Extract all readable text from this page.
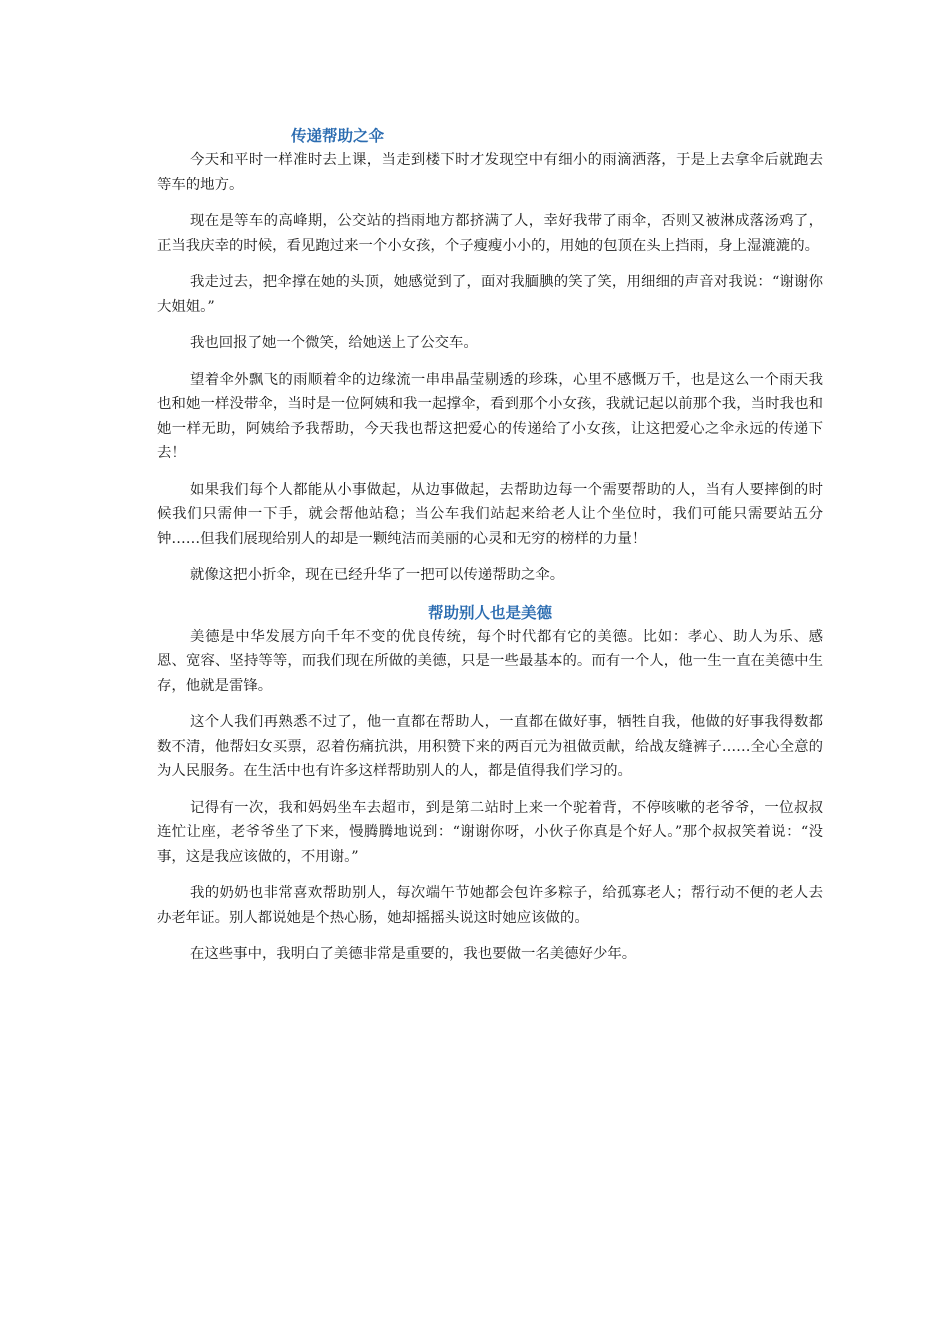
传递帮助之伞

今天和平时一样准时去上课，当走到楼下时才发现空中有细小的雨滴洒落，于是上去拿伞后就跑去等车的地方。

现在是等车的高峰期，公交站的挡雨地方都挤满了人，幸好我带了雨伞，否则又被淋成落汤鸡了，正当我庆幸的时候，看见跑过来一个小女孩，个子瘦瘦小小的，用她的包顶在头上挡雨，身上湿漉漉的。

我走过去，把伞撑在她的头顶，她感觉到了，面对我腼腆的笑了笑，用细细的声音对我说：“谢谢你大姐姐。”

我也回报了她一个微笑，给她送上了公交车。

望着伞外飘飞的雨顺着伞的边缘流一串串晶莹剔透的珍珠，心里不感慨万千，也是这么一个雨天我也和她一样没带伞，当时是一位阿姨和我一起撑伞，看到那个小女孩，我就记起以前那个我，当时我也和她一样无助，阿姨给予我帮助，今天我也帮这把爱心的传递给了小女孩，让这把爱心之伞永远的传递下去！

如果我们每个人都能从小事做起，从边事做起，去帮助边每一个需要帮助的人，当有人要摔倒的时候我们只需伸一下手，就会帮他站稳；当公车我们站起来给老人让个坐位时，我们可能只需要站五分钟……但我们展现给别人的却是一颗纯洁而美丽的心灵和无穷的榜样的力量！

就像这把小折伞，现在已经升华了一把可以传递帮助之伞。

帮助别人也是美德

美德是中华发展方向千年不变的优良传统，每个时代都有它的美德。比如：孝心、助人为乐、感恩、宽容、坚持等等，而我们现在所做的美德，只是一些最基本的。而有一个人，他一生一直在美德中生存，他就是雷锋。

这个人我们再熟悉不过了，他一直都在帮助人，一直都在做好事，牺牲自我，他做的好事我得数都数不清，他帮妇女买票，忍着伤痛抗洪，用积赞下来的两百元为祖做贡献，给战友缝裤子……全心全意的为人民服务。在生活中也有许多这样帮助别人的人，都是值得我们学习的。

记得有一次，我和妈妈坐车去超市，到是第二站时上来一个驼着背，不停咳嗽的老爷爷，一位叔叔连忙让座，老爷爷坐了下来，慢腾腾地说到：“谢谢你呀，小伙子你真是个好人。”那个叔叔笑着说：“没事，这是我应该做的，不用谢。”

我的奶奶也非常喜欢帮助别人，每次端午节她都会包许多粽子，给孤寡老人；帮行动不便的老人去办老年证。别人都说她是个热心肠，她却摇摇头说这时她应该做的。

在这些事中，我明白了美德非常是重要的，我也要做一名美德好少年。
